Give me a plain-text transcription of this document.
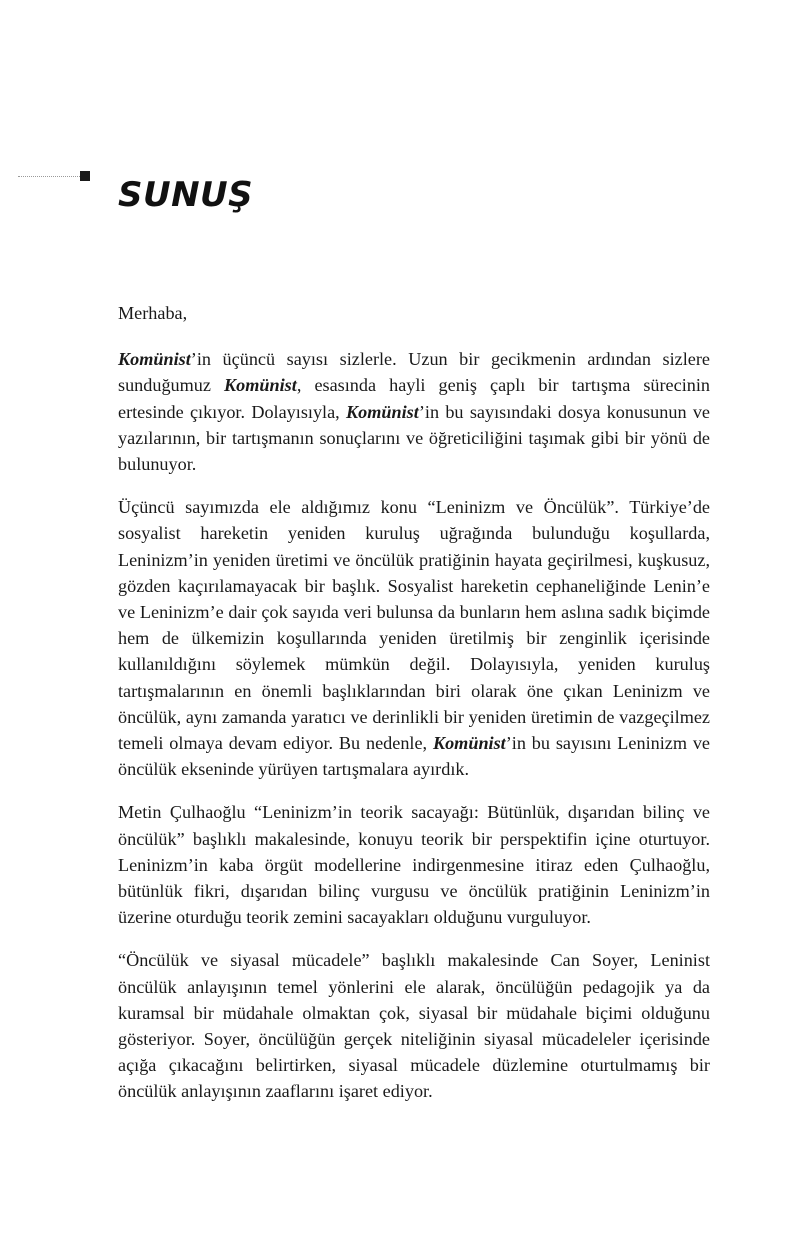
SUNUŞ

Merhaba,

Komünist’in üçüncü sayısı sizlerle. Uzun bir gecikmenin ardından sizlere sunduğumuz Komünist, esasında hayli geniş çaplı bir tartışma sürecinin ertesinde çıkıyor. Dolayısıyla, Komünist’in bu sayısındaki dosya konusunun ve yazılarının, bir tartışmanın sonuçlarını ve öğreticiliğini taşımak gibi bir yönü de bulunuyor.

Üçüncü sayımızda ele aldığımız konu “Leninizm ve Öncülük”. Türkiye’de sosyalist hareketin yeniden kuruluş uğrağında bulunduğu koşullarda, Leninizm’in yeniden üretimi ve öncülük pratiğinin hayata geçirilmesi, kuşkusuz, gözden kaçırılamayacak bir başlık. Sosyalist hareketin cephaneliğinde Lenin’e ve Leninizm’e dair çok sayıda veri bulunsa da bunların hem aslına sadık biçimde hem de ülkemizin koşullarında yeniden üretilmiş bir zenginlik içerisinde kullanıldığını söylemek mümkün değil. Dolayısıyla, yeniden kuruluş tartışmalarının en önemli başlıklarından biri olarak öne çıkan Leninizm ve öncülük, aynı zamanda yaratıcı ve derinlikli bir yeniden üretimin de vazgeçilmez temeli olmaya devam ediyor. Bu nedenle, Komünist’in bu sayısını Leninizm ve öncülük ekseninde yürüyen tartışmalara ayırdık.

Metin Çulhaoğlu “Leninizm’in teorik sacayağı: Bütünlük, dışarıdan bilinç ve öncülük” başlıklı makalesinde, konuyu teorik bir perspektifin içine oturtuyor. Leninizm’in kaba örgüt modellerine indirgenmesine itiraz eden Çulhaoğlu, bütünlük fikri, dışarıdan bilinç vurgusu ve öncülük pratiğinin Leninizm’in üzerine oturduğu teorik zemini sacayakları olduğunu vurguluyor.

“Öncülük ve siyasal mücadele” başlıklı makalesinde Can Soyer, Leninist öncülük anlayışının temel yönlerini ele alarak, öncülüğün pedagojik ya da kuramsal bir müdahale olmaktan çok, siyasal bir müdahale biçimi olduğunu gösteriyor. Soyer, öncülüğün gerçek niteliğinin siyasal mücadeleler içerisinde açığa çıkacağını belirtirken, siyasal mücadele düzlemine oturtulmamış bir öncülük anlayışının zaaflarını işaret ediyor.
